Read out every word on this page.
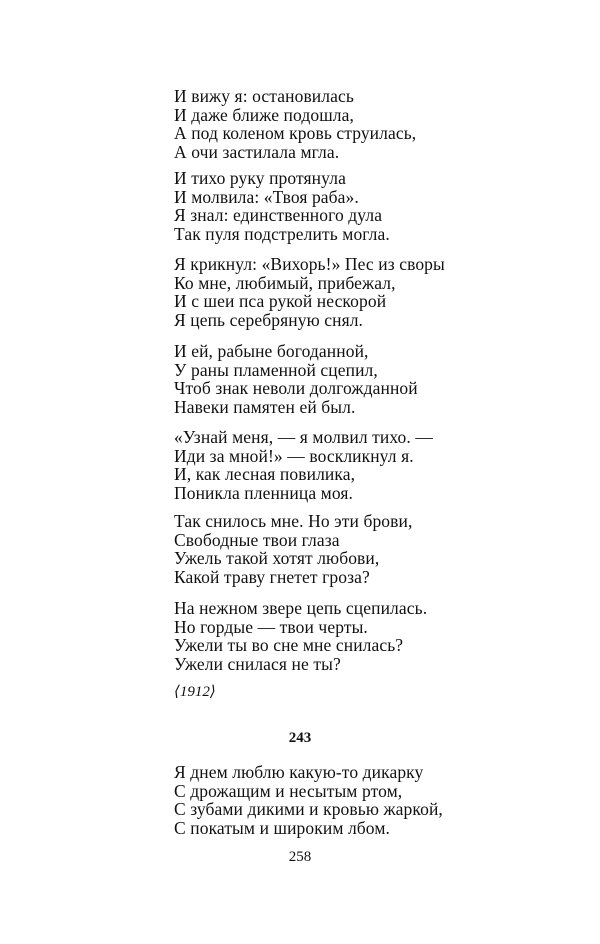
И вижу я: остановилась
И даже ближе подошла,
А под коленом кровь струилась,
А очи застилала мгла.
И тихо руку протянула
И молвила: «Твоя раба».
Я знал: единственного дула
Так пуля подстрелить могла.
Я крикнул: «Вихорь!» Пес из своры
Ко мне, любимый, прибежал,
И с шеи пса рукой нескорой
Я цепь серебряную снял.
И ей, рабыне богоданной,
У раны пламенной сцепил,
Чтоб знак неволи долгожданной
Навеки памятен ей был.
«Узнай меня, — я молвил тихо. —
Иди за мной!» — воскликнул я.
И, как лесная повилика,
Поникла пленница моя.
Так снилось мне. Но эти брови,
Свободные твои глаза
Ужель такой хотят любови,
Какой траву гнетет гроза?
На нежном звере цепь сцепилась.
Но гордые — твои черты.
Ужели ты во сне мне снилась?
Ужели снилася не ты?
⟨1912⟩
243
Я днем люблю какую-то дикарку
С дрожащим и несытым ртом,
С зубами дикими и кровью жаркой,
С покатым и широким лбом.
258
